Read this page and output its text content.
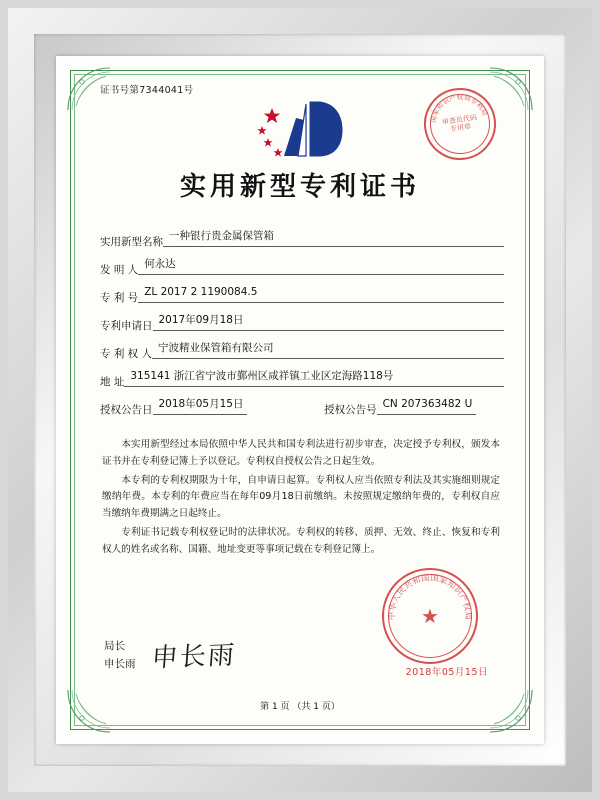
证书号第7344041号
实用新型专利证书
实用新型名称 一种银行贵金属保管箱
发 明 人 何永达
专 利 号 ZL 2017 2 1190084.5
专利申请日 2017年09月18日
专 利 权 人 宁波精业保管箱有限公司
地 址 315141 浙江省宁波市鄞州区咸祥镇工业区定海路118号
授权公告日 2018年05月15日	授权公告号 CN 207363482 U

本实用新型经过本局依照中华人民共和国专利法进行初步审查，决定授予专利权，颁发本证书并在专利登记簿上予以登记。专利权自授权公告之日起生效。

本专利的专利权期限为十年，自申请日起算。专利权人应当依照专利法及其实施细则规定缴纳年费。本专利的年费应当在每年09月18日前缴纳。未按照规定缴纳年费的，专利权自应当缴纳年费期满之日起终止。

专利证书记载专利权登记时的法律状况。专利权的转移、质押、无效、终止、恢复和专利权人的姓名或名称、国籍、地址变更等事项记载在专利登记簿上。

局长
申长雨 申长雨
第 1 页 （共 1 页）
国家知识产权局专利局
审查员代码专用章
中华人民共和国国家知识产权局
★
2018年05月15日
